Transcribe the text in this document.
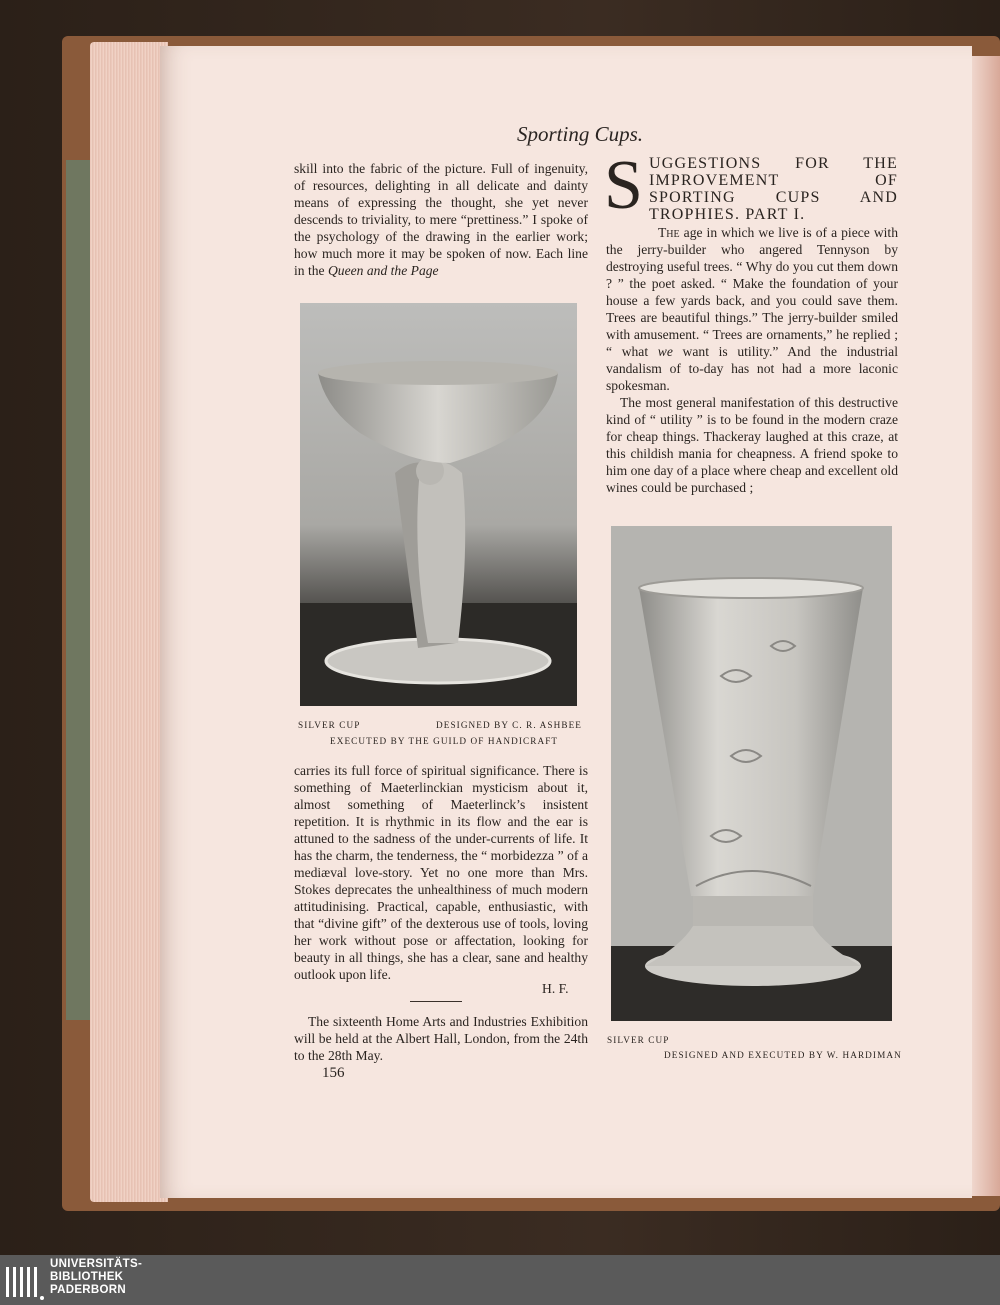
Sporting Cups.

skill into the fabric of the picture. Full of ingenuity, of resources, delighting in all delicate and dainty means of expressing the thought, she yet never descends to triviality, to mere “prettiness.” I spoke of the psychology of the drawing in the earlier work; how much more it may be spoken of now. Each line in the Queen and the Page

SILVER CUP	DESIGNED BY C. R. ASHBEE
EXECUTED BY THE GUILD OF HANDICRAFT

carries its full force of spiritual significance. There is something of Maeterlinckian mysticism about it, almost something of Maeterlinck’s insistent repetition. It is rhythmic in its flow and the ear is attuned to the sadness of the under-currents of life. It has the charm, the tenderness, the “ morbidezza ” of a mediæval love-story. Yet no one more than Mrs. Stokes deprecates the unhealthiness of much modern attitudinising. Practical, capable, enthusiastic, with that “divine gift” of the dexterous use of tools, loving her work without pose or affectation, looking for beauty in all things, she has a clear, sane and healthy outlook upon life.

H. F.

The sixteenth Home Arts and Industries Exhibition will be held at the Albert Hall, London, from the 24th to the 28th May.

156
S UGGESTIONS FOR THE IMPROVEMENT OF SPORTING CUPS AND TROPHIES. PART I.

The age in which we live is of a piece with the jerry-builder who angered Tennyson by destroying useful trees. “ Why do you cut them down ? ” the poet asked. “ Make the foundation of your house a few yards back, and you could save them. Trees are beautiful things.” The jerry-builder smiled with amusement. “ Trees are ornaments,” he replied ; “ what we want is utility.” And the industrial vandalism of to-day has not had a more laconic spokesman.

The most general manifestation of this destructive kind of “ utility ” is to be found in the modern craze for cheap things. Thackeray laughed at this craze, at this childish mania for cheapness. A friend spoke to him one day of a place where cheap and excellent old wines could be purchased ;

SILVER CUP
DESIGNED AND EXECUTED BY W. HARDIMAN
UNIVERSITÄTS-
BIBLIOTHEK
PADERBORN
